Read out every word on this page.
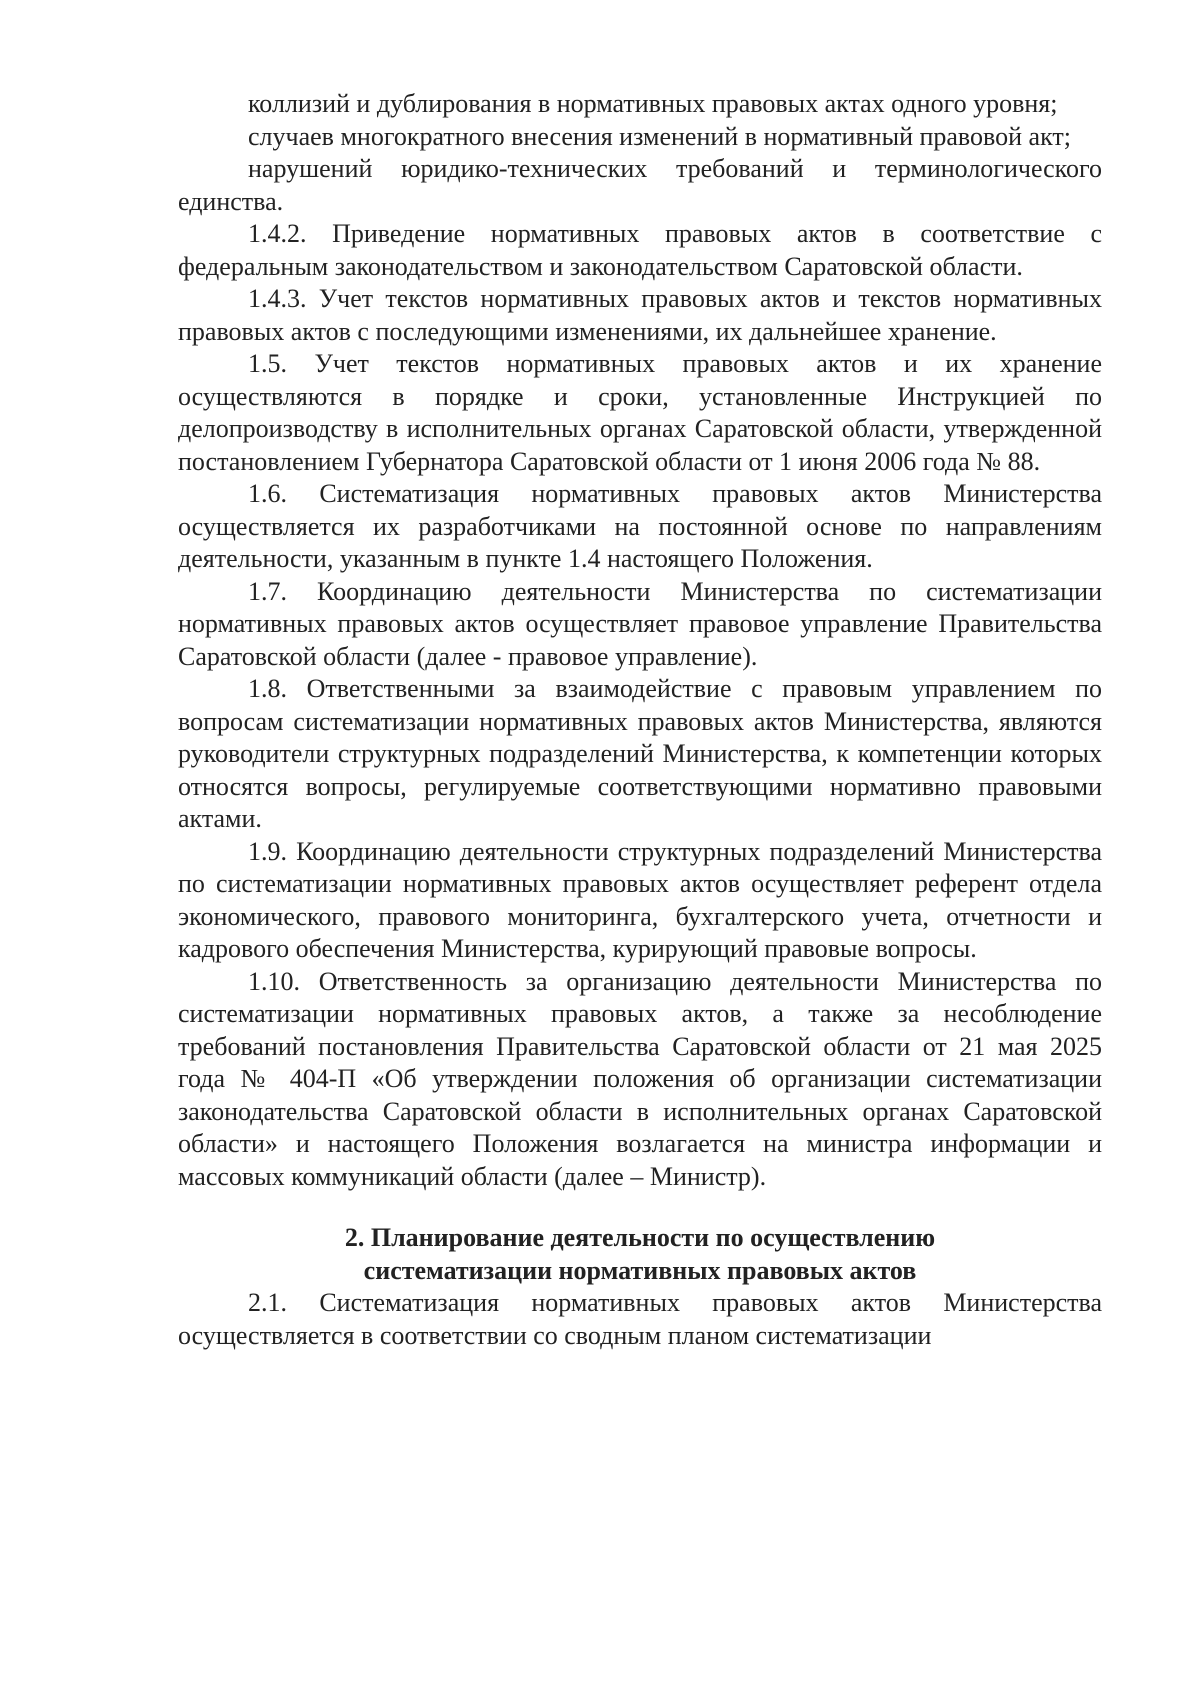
коллизий и дублирования в нормативных правовых актах одного уровня;

случаев многократного внесения изменений в нормативный правовой акт;

нарушений юридико-технических требований и терминологического единства.

1.4.2. Приведение нормативных правовых актов в соответствие с федеральным законодательством и законодательством Саратовской области.

1.4.3. Учет текстов нормативных правовых актов и текстов нормативных правовых актов с последующими изменениями, их дальнейшее хранение.

1.5. Учет текстов нормативных правовых актов и их хранение осуществляются в порядке и сроки, установленные Инструкцией по делопроизводству в исполнительных органах Саратовской области, утвержденной постановлением Губернатора Саратовской области от 1 июня 2006 года № 88.

1.6. Систематизация нормативных правовых актов Министерства осуществляется их разработчиками на постоянной основе по направлениям деятельности, указанным в пункте 1.4 настоящего Положения.

1.7. Координацию деятельности Министерства по систематизации нормативных правовых актов осуществляет правовое управление Правительства Саратовской области (далее - правовое управление).

1.8. Ответственными за взаимодействие с правовым управлением по вопросам систематизации нормативных правовых актов Министерства, являются руководители структурных подразделений Министерства, к компетенции которых относятся вопросы, регулируемые соответствующими нормативно правовыми актами.

1.9. Координацию деятельности структурных подразделений Министерства по систематизации нормативных правовых актов осуществляет референт отдела экономического, правового мониторинга, бухгалтерского учета, отчетности и кадрового обеспечения Министерства, курирующий правовые вопросы.

1.10. Ответственность за организацию деятельности Министерства по систематизации нормативных правовых актов, а также за несоблюдение требований постановления Правительства Саратовской области от 21 мая 2025 года № 404-П «Об утверждении положения об организации систематизации законодательства Саратовской области в исполнительных органах Саратовской области» и настоящего Положения возлагается на министра информации и массовых коммуникаций области (далее – Министр).

2. Планирование деятельности по осуществлению

систематизации нормативных правовых актов

2.1. Систематизация нормативных правовых актов Министерства осуществляется в соответствии со сводным планом систематизации
